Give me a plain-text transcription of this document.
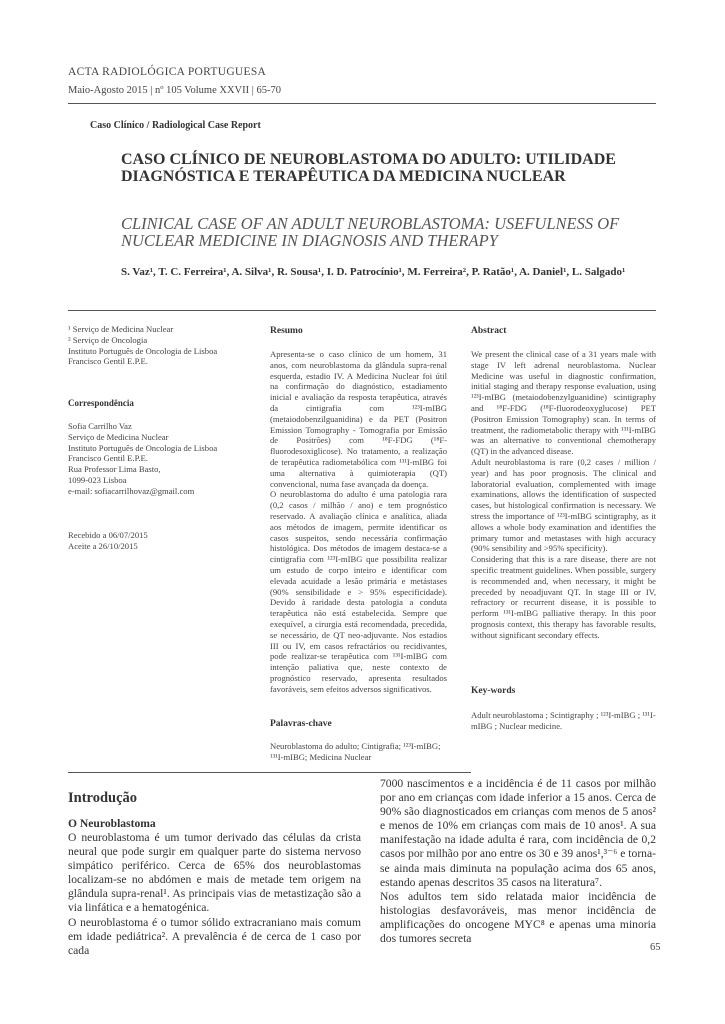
ACTA RADIOLÓGICA PORTUGUESA
Maio-Agosto 2015 | nº 105 Volume XXVII | 65-70
Caso Clínico / Radiological Case Report
CASO CLÍNICO DE NEUROBLASTOMA DO ADULTO: UTILIDADE DIAGNÓSTICA E TERAPÊUTICA DA MEDICINA NUCLEAR
CLINICAL CASE OF AN ADULT NEUROBLASTOMA: USEFULNESS OF NUCLEAR MEDICINE IN DIAGNOSIS AND THERAPY
S. Vaz¹, T. C. Ferreira¹, A. Silva¹, R. Sousa¹, I. D. Patrocínio¹, M. Ferreira², P. Ratão¹, A. Daniel¹, L. Salgado¹
¹ Serviço de Medicina Nuclear
² Serviço de Oncologia
Instituto Português de Oncologia de Lisboa
Francisco Gentil E.P.E.
Correspondência
Sofia Carrilho Vaz
Serviço de Medicina Nuclear
Instituto Português de Oncologia de Lisboa
Francisco Gentil E.P.E.
Rua Professor Lima Basto,
1099-023 Lisboa
e-mail: sofiacarrilhovaz@gmail.com
Recebido a 06/07/2015
Aceite a 26/10/2015
Resumo

Apresenta-se o caso clínico de um homem, 31 anos, com neuroblastoma da glândula supra-renal esquerda, estadio IV. A Medicina Nuclear foi útil na confirmação do diagnóstico, estadiamento inicial e avaliação da resposta terapêutica, através da cintigrafia com ¹²³I-mIBG (metaiodobenzilguanidina) e da PET (Positron Emission Tomography - Tomografia por Emissão de Positrões) com ¹⁸F-FDG (¹⁸F-fluorodesoxiglicose). No tratamento, a realização de terapêutica radiometabólica com ¹³¹I-mIBG foi uma alternativa à quimioterapia (QT) convencional, numa fase avançada da doença.

O neuroblastoma do adulto é uma patologia rara (0,2 casos / milhão / ano) e tem prognóstico reservado. A avaliação clínica e analítica, aliada aos métodos de imagem, permite identificar os casos suspeitos, sendo necessária confirmação histológica. Dos métodos de imagem destaca-se a cintigrafia com ¹²³I-mIBG que possibilita realizar um estudo de corpo inteiro e identificar com elevada acuidade a lesão primária e metástases (90% sensibilidade e > 95% especificidade). Devido à raridade desta patologia a conduta terapêutica não está estabelecida. Sempre que exequível, a cirurgia está recomendada, precedida, se necessário, de QT neo-adjuvante. Nos estadios III ou IV, em casos refractários ou recidivantes, pode realizar-se terapêutica com ¹³¹I-mIBG com intenção paliativa que, neste contexto de prognóstico reservado, apresenta resultados favoráveis, sem efeitos adversos significativos.

Palavras-chave
Neuroblastoma do adulto; Cintigrafia; ¹²³I-mIBG; ¹³¹I-mIBG; Medicina Nuclear
Abstract

We present the clinical case of a 31 years male with stage IV left adrenal neuroblastoma. Nuclear Medicine was useful in diagnostic confirmation, initial staging and therapy response evaluation, using ¹²³I-mIBG (metaiodobenzylguanidine) scintigraphy and ¹⁸F-FDG (¹⁸F-fluorodeoxyglucose) PET (Positron Emission Tomography) scan. In terms of treatment, the radiometabolic therapy with ¹³¹I-mIBG was an alternative to conventional chemotherapy (QT) in the advanced disease.

Adult neuroblastoma is rare (0,2 cases / million / year) and has poor prognosis. The clinical and laboratorial evaluation, complemented with image examinations, allows the identification of suspected cases, but histological confirmation is necessary. We stress the importance of ¹²³I-mIBG scintigraphy, as it allows a whole body examination and identifies the primary tumor and metastases with high accuracy (90% sensibility and >95% specificity).

Considering that this is a rare disease, there are not specific treatment guidelines. When possible, surgery is recommended and, when necessary, it might be preceded by neoadjuvant QT. In stage III or IV, refractory or recurrent disease, it is possible to perform ¹³¹I-mIBG palliative therapy. In this poor prognosis context, this therapy has favorable results, without significant secondary effects.

Key-words
Adult neuroblastoma ; Scintigraphy ; ¹²³I-mIBG ; ¹³¹I-mIBG ; Nuclear medicine.
Introdução
O Neuroblastoma

O neuroblastoma é um tumor derivado das células da crista neural que pode surgir em qualquer parte do sistema nervoso simpático periférico. Cerca de 65% dos neuroblastomas localizam-se no abdómen e mais de metade tem origem na glândula supra-renal¹. As principais vias de metastização são a via linfática e a hematogénica.

O neuroblastoma é o tumor sólido extracraniano mais comum em idade pediátrica². A prevalência é de cerca de 1 caso por cada

7000 nascimentos e a incidência é de 11 casos por milhão por ano em crianças com idade inferior a 15 anos. Cerca de 90% são diagnosticados em crianças com menos de 5 anos² e menos de 10% em crianças com mais de 10 anos¹. A sua manifestação na idade adulta é rara, com incidência de 0,2 casos por milhão por ano entre os 30 e 39 anos¹,³⁻⁶ e torna-se ainda mais diminuta na população acima dos 65 anos, estando apenas descritos 35 casos na literatura⁷.

Nos adultos tem sido relatada maior incidência de histologias desfavoráveis, mas menor incidência de amplificações do oncogene MYC⁸ e apenas uma minoria dos tumores secreta

65
